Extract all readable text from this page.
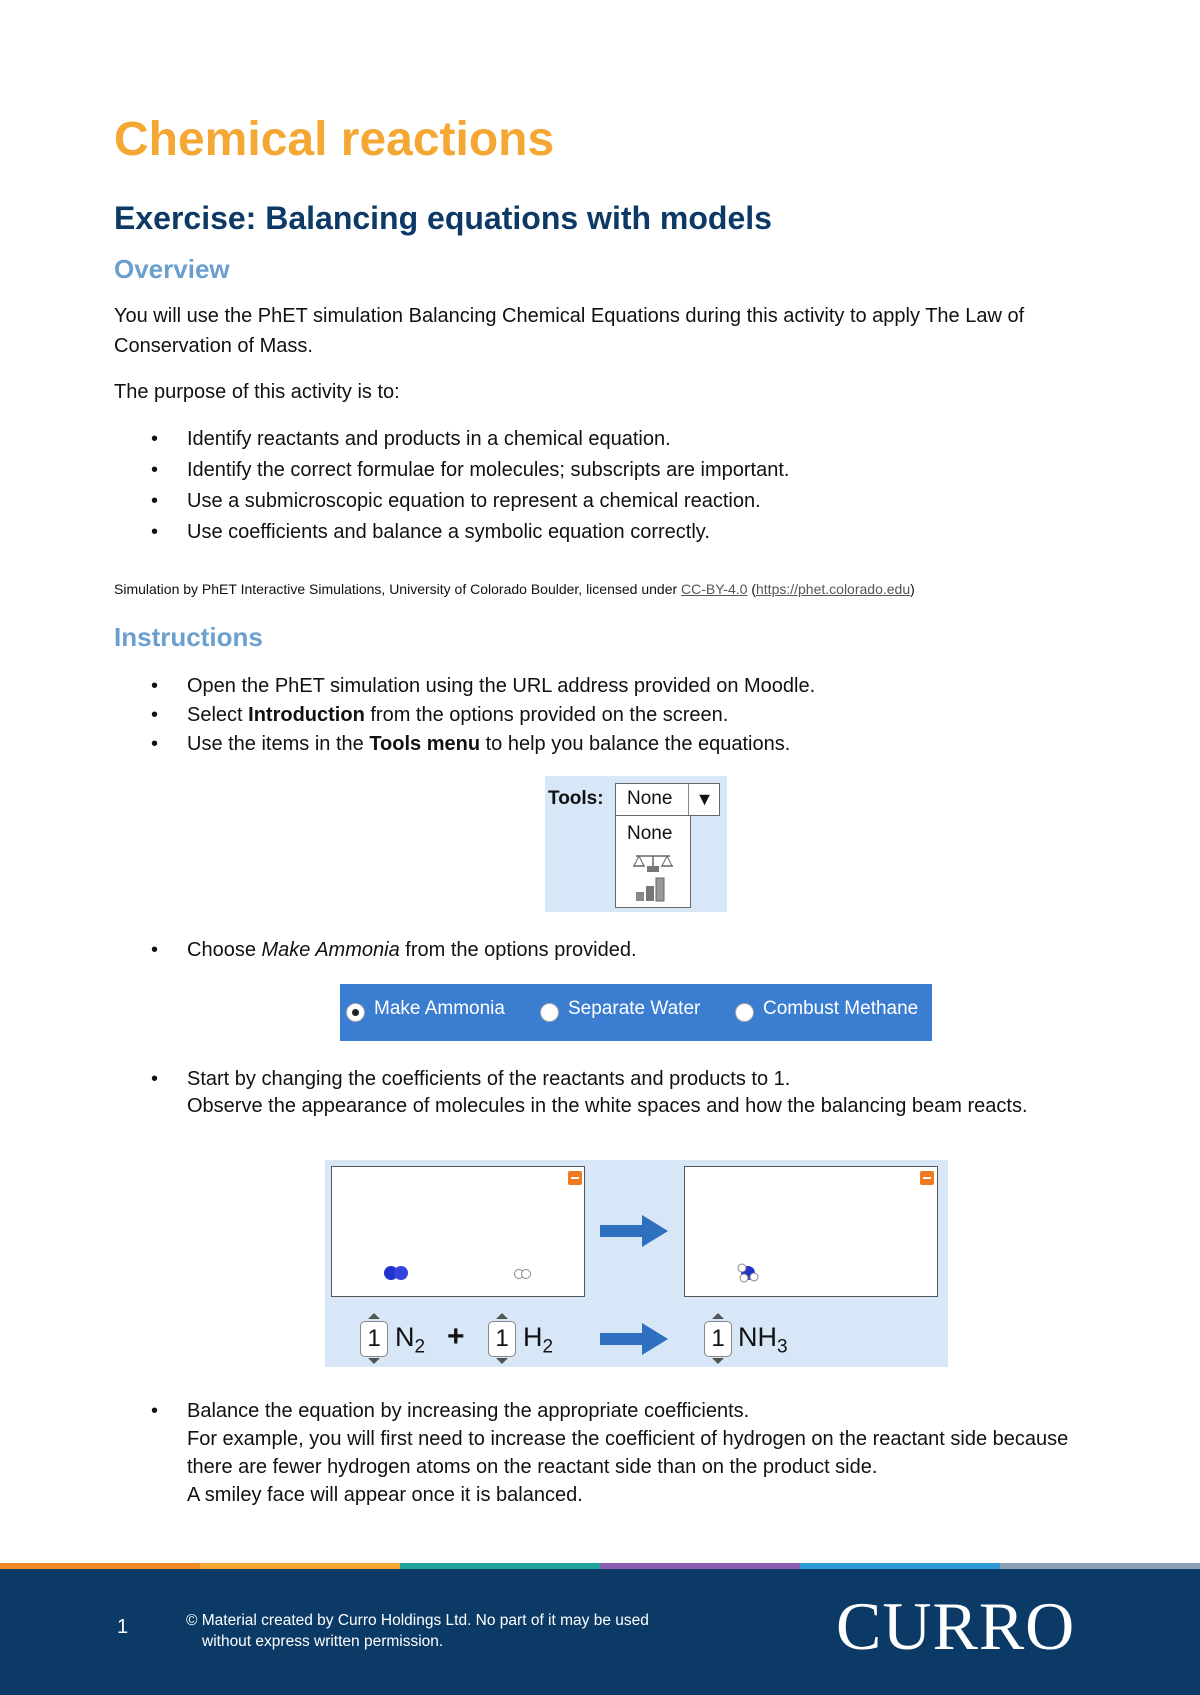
Chemical reactions
Exercise: Balancing equations with models
Overview

You will use the PhET simulation Balancing Chemical Equations during this activity to apply The Law of Conservation of Mass.

The purpose of this activity is to:

• Identify reactants and products in a chemical equation.
• Identify the correct formulae for molecules; subscripts are important.
• Use a submicroscopic equation to represent a chemical reaction.
• Use coefficients and balance a symbolic equation correctly.
Simulation by PhET Interactive Simulations, University of Colorado Boulder, licensed under CC-BY-4.0 (https://phet.colorado.edu)
Instructions
• Open the PhET simulation using the URL address provided on Moodle.
• Select Introduction from the options provided on the screen.
• Use the items in the Tools menu to help you balance the equations.
Tools: None	▼
None
• Choose Make Ammonia from the options provided.
Make Ammonia	Separate Water	Combust Methane
• Start by changing the coefficients of the reactants and products to 1.
Observe the appearance of molecules in the white spaces and how the balancing beam reacts.
1 $N_2$ +	1 $H_2$	1 $NH_3$
• Balance the equation by increasing the appropriate coefficients.
For example, you will first need to increase the coefficient of hydrogen on the reactant side because there are fewer hydrogen atoms on the reactant side than on the product side.
A smiley face will appear once it is balanced.
1	© Material created by Curro Holdings Ltd. No part of it may be used
without express written permission.	CURRO
